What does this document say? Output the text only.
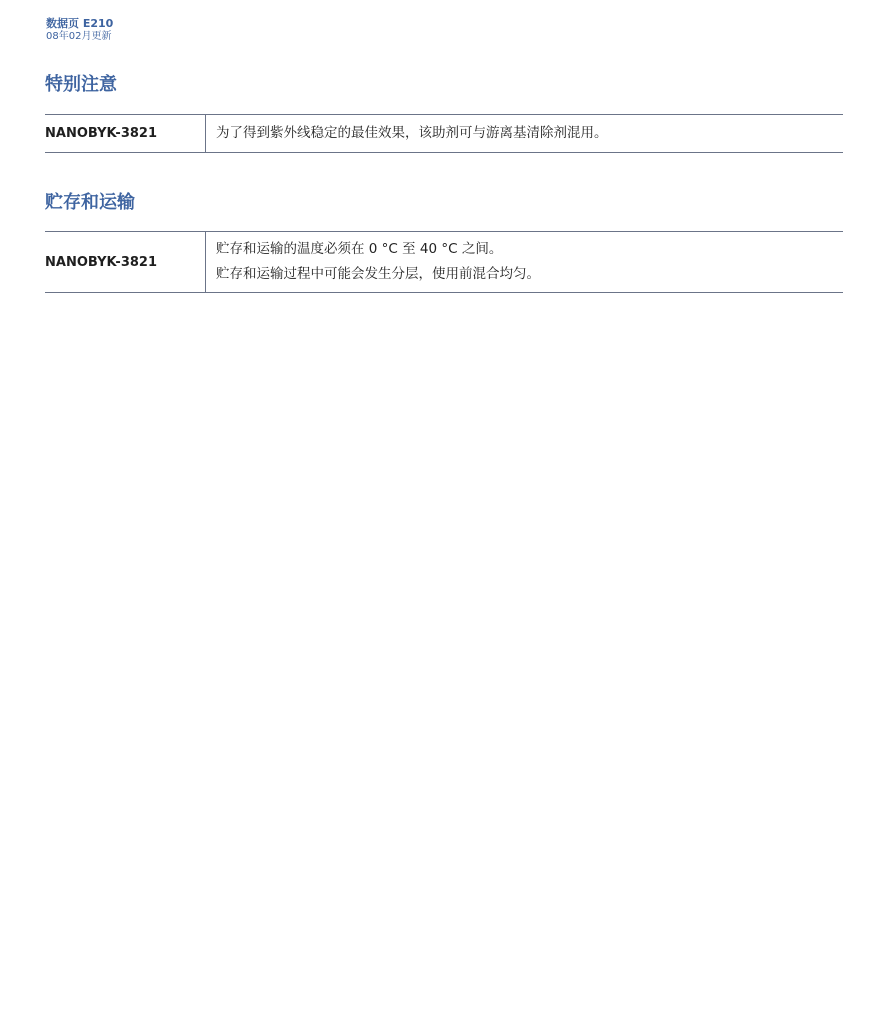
数据页 E210
08年02月更新
特别注意
NANOBYK-3821	为了得到紫外线稳定的最佳效果，该助剂可与游离基清除剂混用。
贮存和运输
NANOBYK-3821
贮存和运输的温度必须在 0 °C 至 40 °C 之间。
贮存和运输过程中可能会发生分层，使用前混合均匀。
